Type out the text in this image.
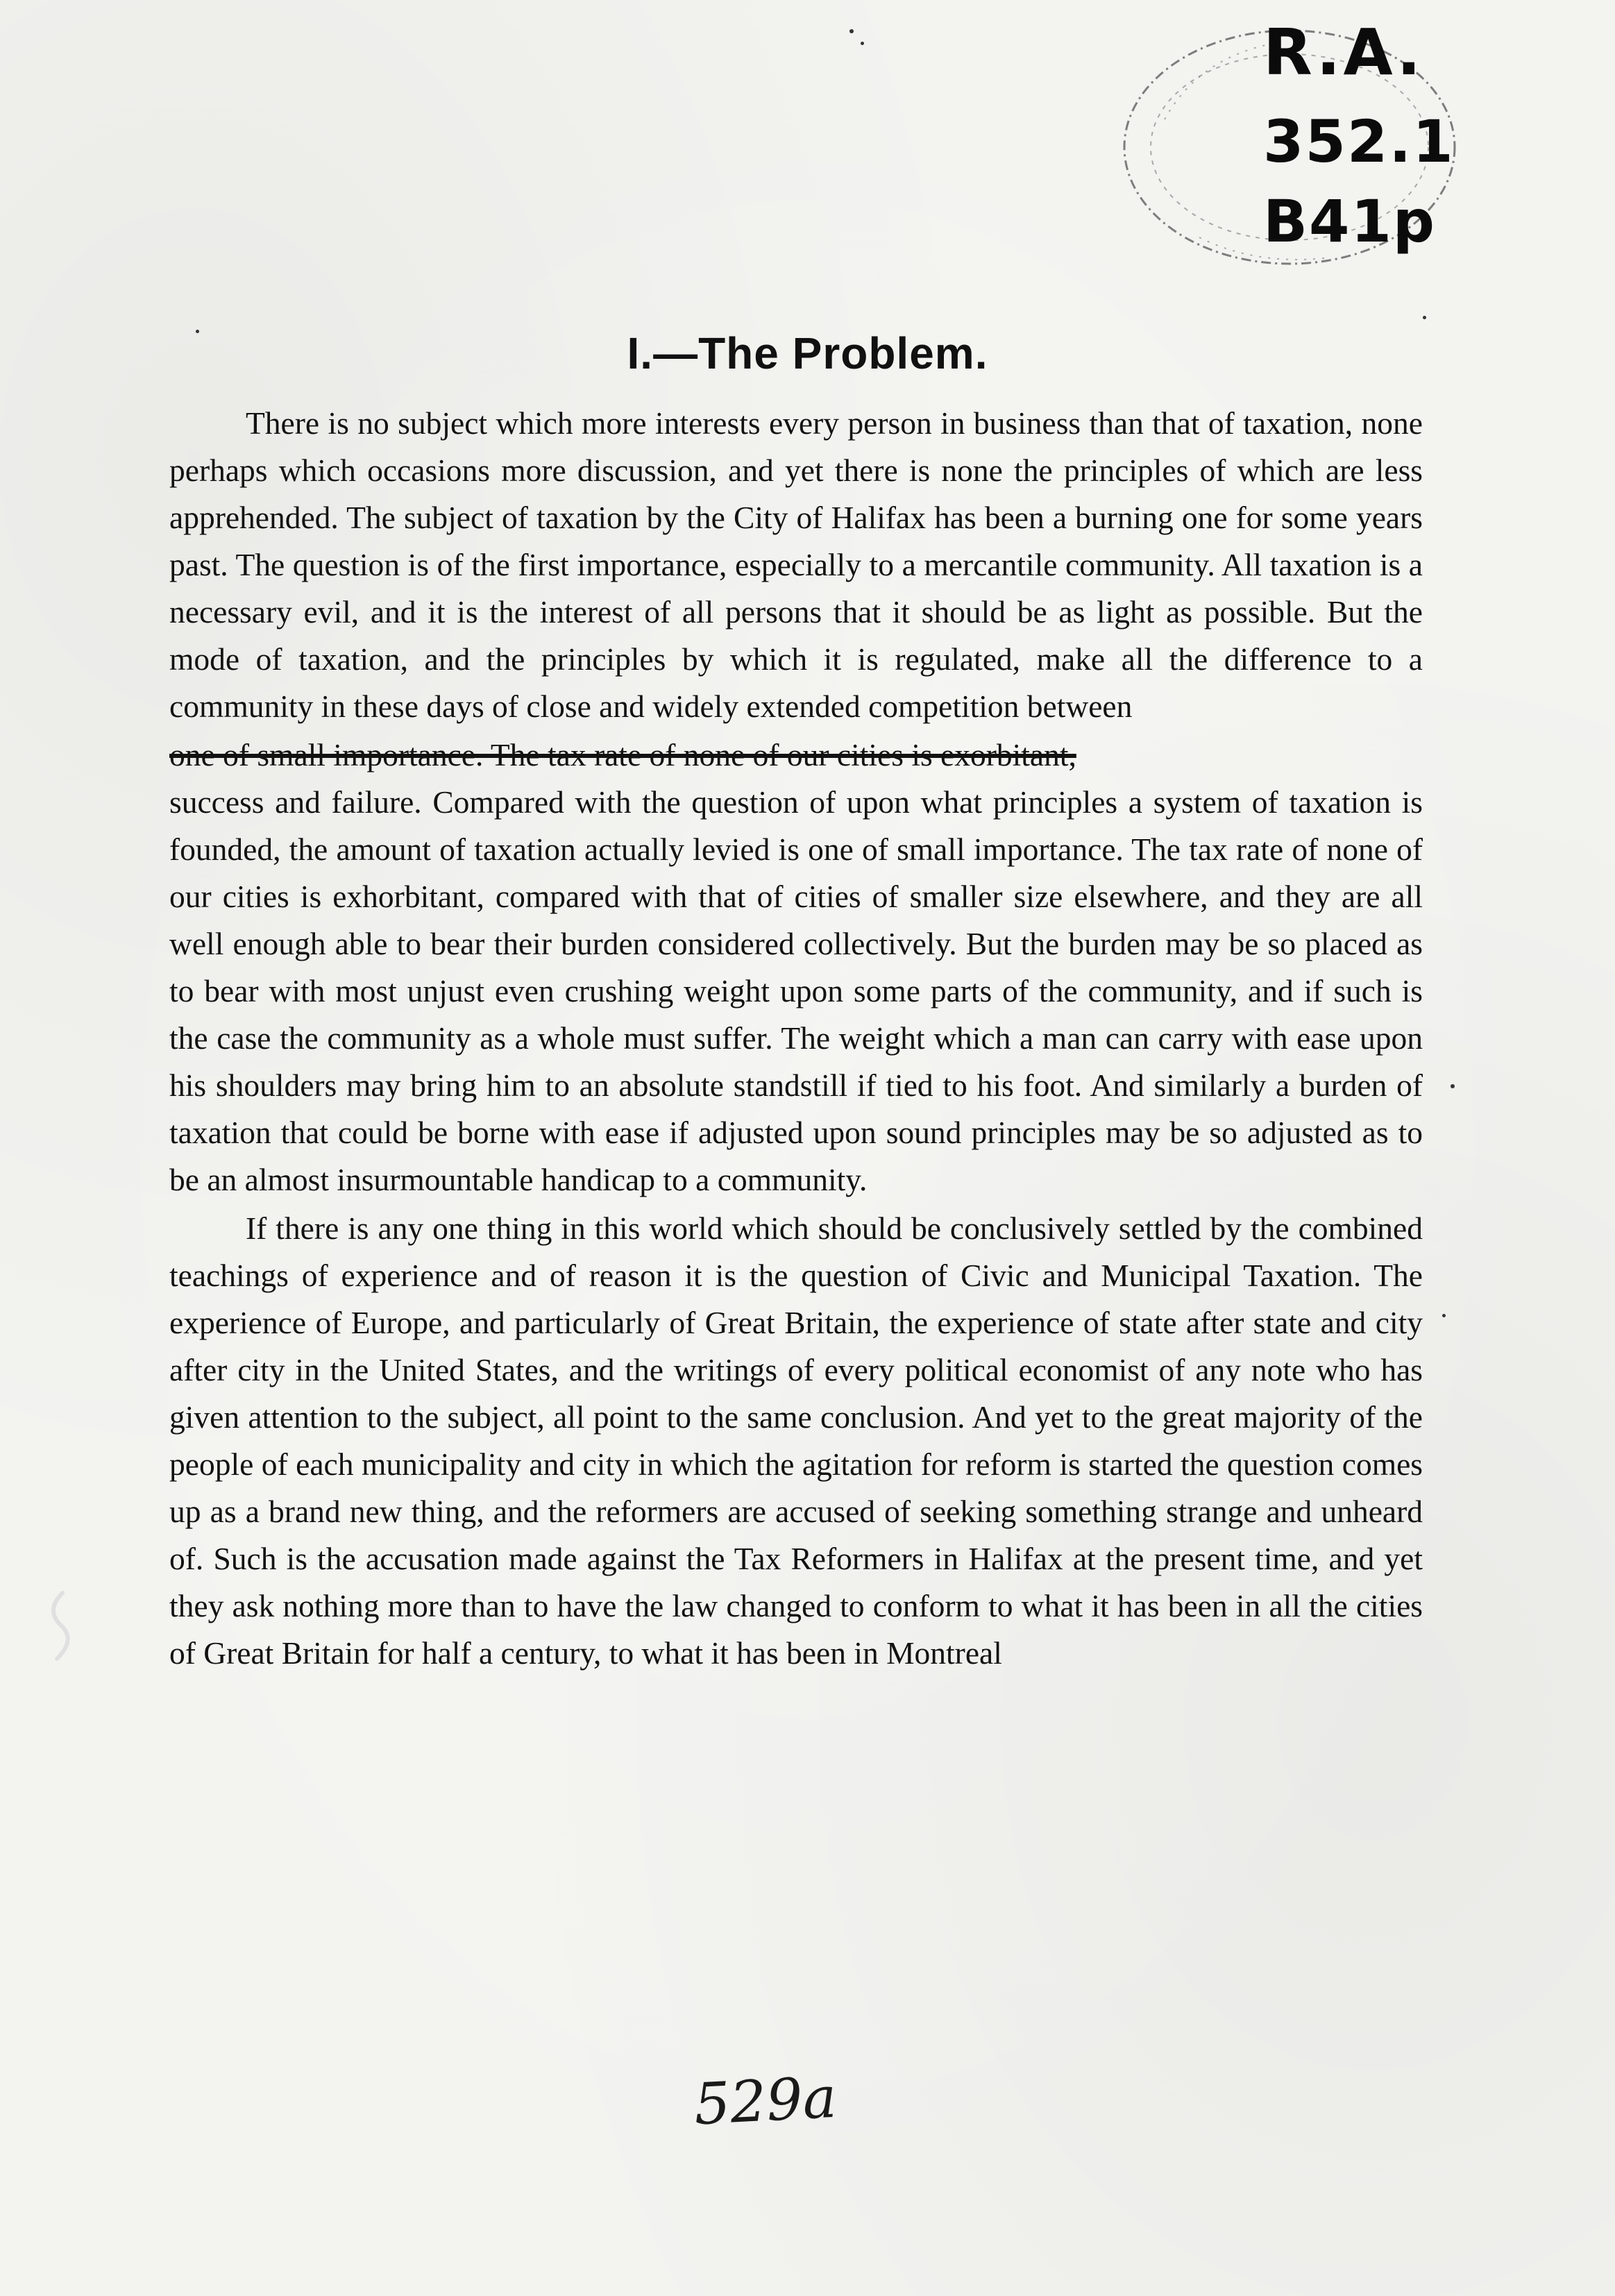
R.A.
352.1
B41p
I.—The Problem.

There is no subject which more interests every person in business than that of taxation, none perhaps which occasions more discussion, and yet there is none the principles of which are less apprehended. The subject of taxation by the City of Halifax has been a burning one for some years past. The question is of the first importance, especially to a mercantile community. All taxation is a necessary evil, and it is the interest of all persons that it should be as light as possible. But the mode of taxation, and the principles by which it is regulated, make all the difference to a community in these days of close and widely extended competition between

one of small importance. The tax rate of none of our cities is exorbitant,

success and failure. Compared with the question of upon what principles a system of taxation is founded, the amount of taxation actually levied is one of small importance. The tax rate of none of our cities is exhorbitant, compared with that of cities of smaller size elsewhere, and they are all well enough able to bear their burden considered collectively. But the burden may be so placed as to bear with most unjust even crushing weight upon some parts of the community, and if such is the case the community as a whole must suffer. The weight which a man can carry with ease upon his shoulders may bring him to an absolute standstill if tied to his foot. And similarly a burden of taxation that could be borne with ease if adjusted upon sound principles may be so adjusted as to be an almost insurmountable handicap to a community.

If there is any one thing in this world which should be conclusively settled by the combined teachings of experience and of reason it is the question of Civic and Municipal Taxation. The experience of Europe, and particularly of Great Britain, the experience of state after state and city after city in the United States, and the writings of every political economist of any note who has given attention to the subject, all point to the same conclusion. And yet to the great majority of the people of each municipality and city in which the agitation for reform is started the question comes up as a brand new thing, and the reformers are accused of seeking something strange and unheard of. Such is the accusation made against the Tax Reformers in Halifax at the present time, and yet they ask nothing more than to have the law changed to conform to what it has been in all the cities of Great Britain for half a century, to what it has been in Montreal

529a
